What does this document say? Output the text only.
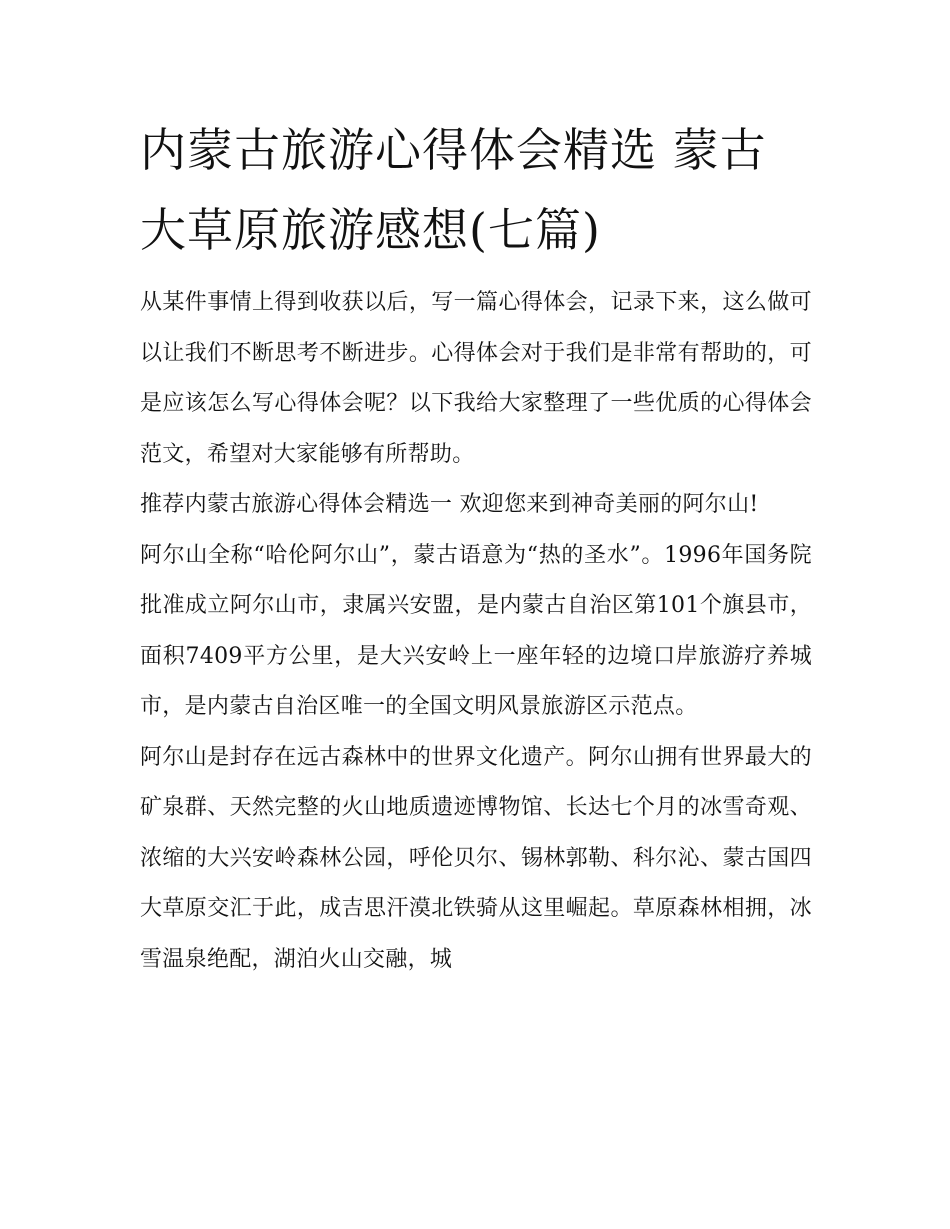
内蒙古旅游心得体会精选 蒙古大草原旅游感想(七篇)

从某件事情上得到收获以后，写一篇心得体会，记录下来，这么做可以让我们不断思考不断进步。心得体会对于我们是非常有帮助的，可是应该怎么写心得体会呢？以下我给大家整理了一些优质的心得体会范文，希望对大家能够有所帮助。

推荐内蒙古旅游心得体会精选一 欢迎您来到神奇美丽的阿尔山!

阿尔山全称“哈伦阿尔山”，蒙古语意为“热的圣水”。1996年国务院批准成立阿尔山市，隶属兴安盟，是内蒙古自治区第101个旗县市，面积7409平方公里，是大兴安岭上一座年轻的边境口岸旅游疗养城市，是内蒙古自治区唯一的全国文明风景旅游区示范点。

阿尔山是封存在远古森林中的世界文化遗产。阿尔山拥有世界最大的矿泉群、天然完整的火山地质遗迹博物馆、长达七个月的冰雪奇观、浓缩的大兴安岭森林公园，呼伦贝尔、锡林郭勒、科尔沁、蒙古国四大草原交汇于此，成吉思汗漠北铁骑从这里崛起。草原森林相拥，冰雪温泉绝配，湖泊火山交融，城
